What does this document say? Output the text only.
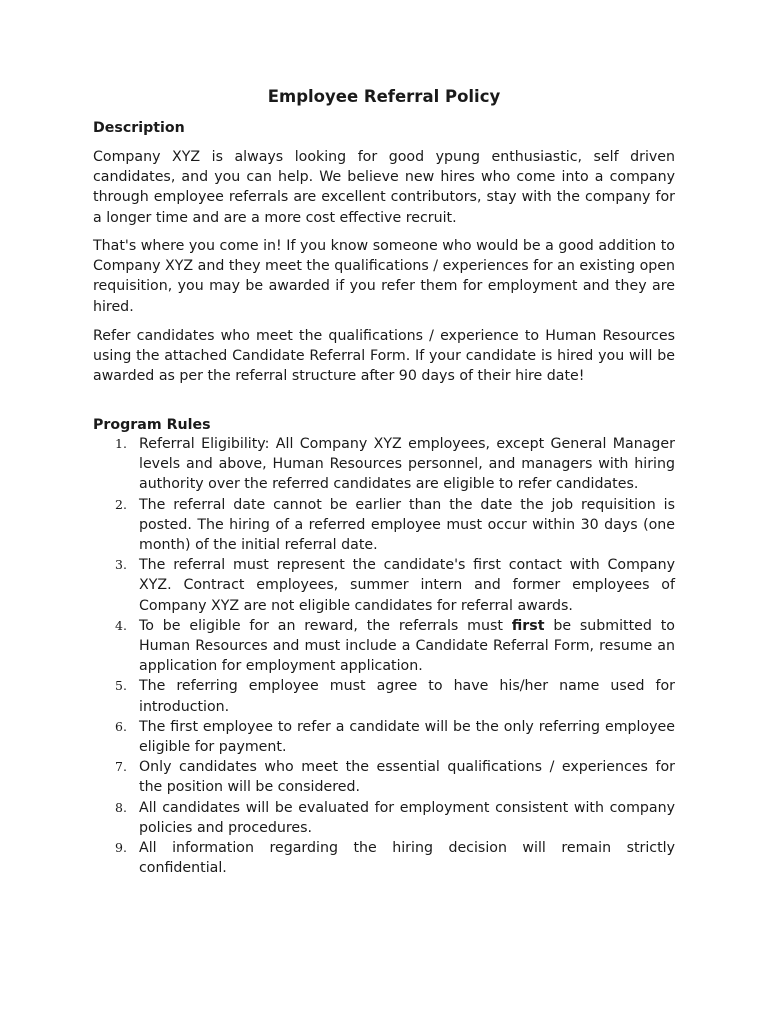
Employee Referral Policy
Description
Company XYZ is always looking for good ypung enthusiastic, self driven candidates, and you can help. We believe new hires who come into a company through employee referrals are excellent contributors, stay with the company for a longer time and are a more cost effective recruit.
That's where you come in! If you know someone who would be a good addition to Company XYZ and they meet the qualifications / experiences for an existing open requisition, you may be awarded if you refer them for employment and they are hired.
Refer candidates who meet the qualifications / experience to Human Resources using the attached Candidate Referral Form. If your candidate is hired you will be awarded as per the referral structure after 90 days of their hire date!
Program Rules
1. Referral Eligibility: All Company XYZ employees, except General Manager levels and above, Human Resources personnel, and managers with hiring authority over the referred candidates are eligible to refer candidates.
2. The referral date cannot be earlier than the date the job requisition is posted. The hiring of a referred employee must occur within 30 days (one month) of the initial referral date.
3. The referral must represent the candidate's first contact with Company XYZ. Contract employees, summer intern and former employees of Company XYZ are not eligible candidates for referral awards.
4. To be eligible for an reward, the referrals must first be submitted to Human Resources and must include a Candidate Referral Form, resume an application for employment application.
5. The referring employee must agree to have his/her name used for introduction.
6. The first employee to refer a candidate will be the only referring employee eligible for payment.
7. Only candidates who meet the essential qualifications / experiences for the position will be considered.
8. All candidates will be evaluated for employment consistent with company policies and procedures.
9. All information regarding the hiring decision will remain strictly confidential.
